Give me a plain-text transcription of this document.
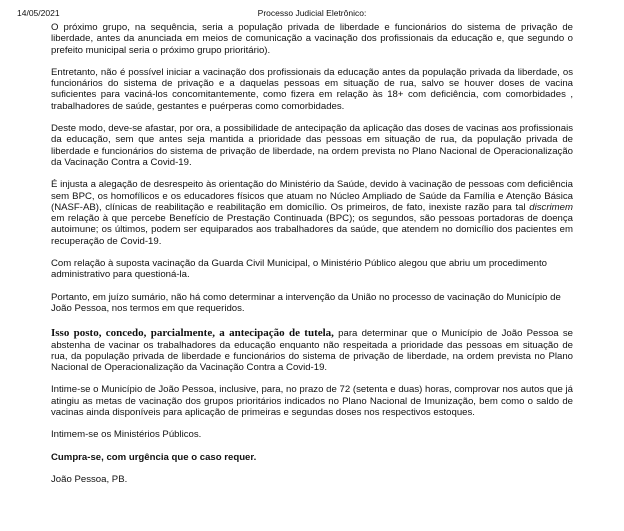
14/05/2021	Processo Judicial Eletrônico:

O próximo grupo, na sequência, seria a população privada de liberdade e funcionários do sistema de privação de liberdade, antes da anunciada em meios de comunicação a vacinação dos profissionais da educação e, que segundo o prefeito municipal seria o próximo grupo prioritário).

Entretanto, não é possível iniciar a vacinação dos profissionais da educação antes da população privada da liberdade, os funcionários do sistema de privação e a daquelas pessoas em situação de rua, salvo se houver doses de vacina suficientes para vaciná-los concomitantemente, como fizera em relação às 18+ com deficiência, com comorbidades , trabalhadores de saúde, gestantes e puérperas como comorbidades.

Deste modo, deve-se afastar, por ora, a possibilidade de antecipação da aplicação das doses de vacinas aos profissionais da educação, sem que antes seja mantida a prioridade das pessoas em situação de rua, da população privada de liberdade e funcionários do sistema de privação de liberdade, na ordem prevista no Plano Nacional de Operacionalização da Vacinação Contra a Covid-19.

É injusta a alegação de desrespeito às orientação do Ministério da Saúde, devido à vacinação de pessoas com deficiência sem BPC, os homofílicos e os educadores físicos que atuam no Núcleo Ampliado de Saúde da Família e Atenção Básica (NASF-AB), clínicas de reabilitação e reabilitação em domicílio. Os primeiros, de fato, inexiste razão para tal discrimem em relação à que percebe Benefício de Prestação Continuada (BPC); os segundos, são pessoas portadoras de doença autoimune; os últimos, podem ser equiparados aos trabalhadores da saúde, que atendem no domicílio dos pacientes em recuperação de Covid-19.

Com relação à suposta vacinação da Guarda Civil Municipal, o Ministério Público alegou que abriu um procedimento administrativo para questioná-la.

Portanto, em juízo sumário, não há como determinar a intervenção da União no processo de vacinação do Município de João Pessoa, nos termos em que requeridos.

Isso posto, concedo, parcialmente, a antecipação de tutela, para determinar que o Município de João Pessoa se abstenha de vacinar os trabalhadores da educação enquanto não respeitada a prioridade das pessoas em situação de rua, da população privada de liberdade e funcionários do sistema de privação de liberdade, na ordem prevista no Plano Nacional de Operacionalização da Vacinação Contra a Covid-19.

Intime-se o Município de João Pessoa, inclusive, para, no prazo de 72 (setenta e duas) horas, comprovar nos autos que já atingiu as metas de vacinação dos grupos prioritários indicados no Plano Nacional de Imunização, bem como o saldo de vacinas ainda disponíveis para aplicação de primeiras e segundas doses nos respectivos estoques.

Intimem-se os Ministérios Públicos.

Cumpra-se, com urgência que o caso requer.

João Pessoa, PB.
